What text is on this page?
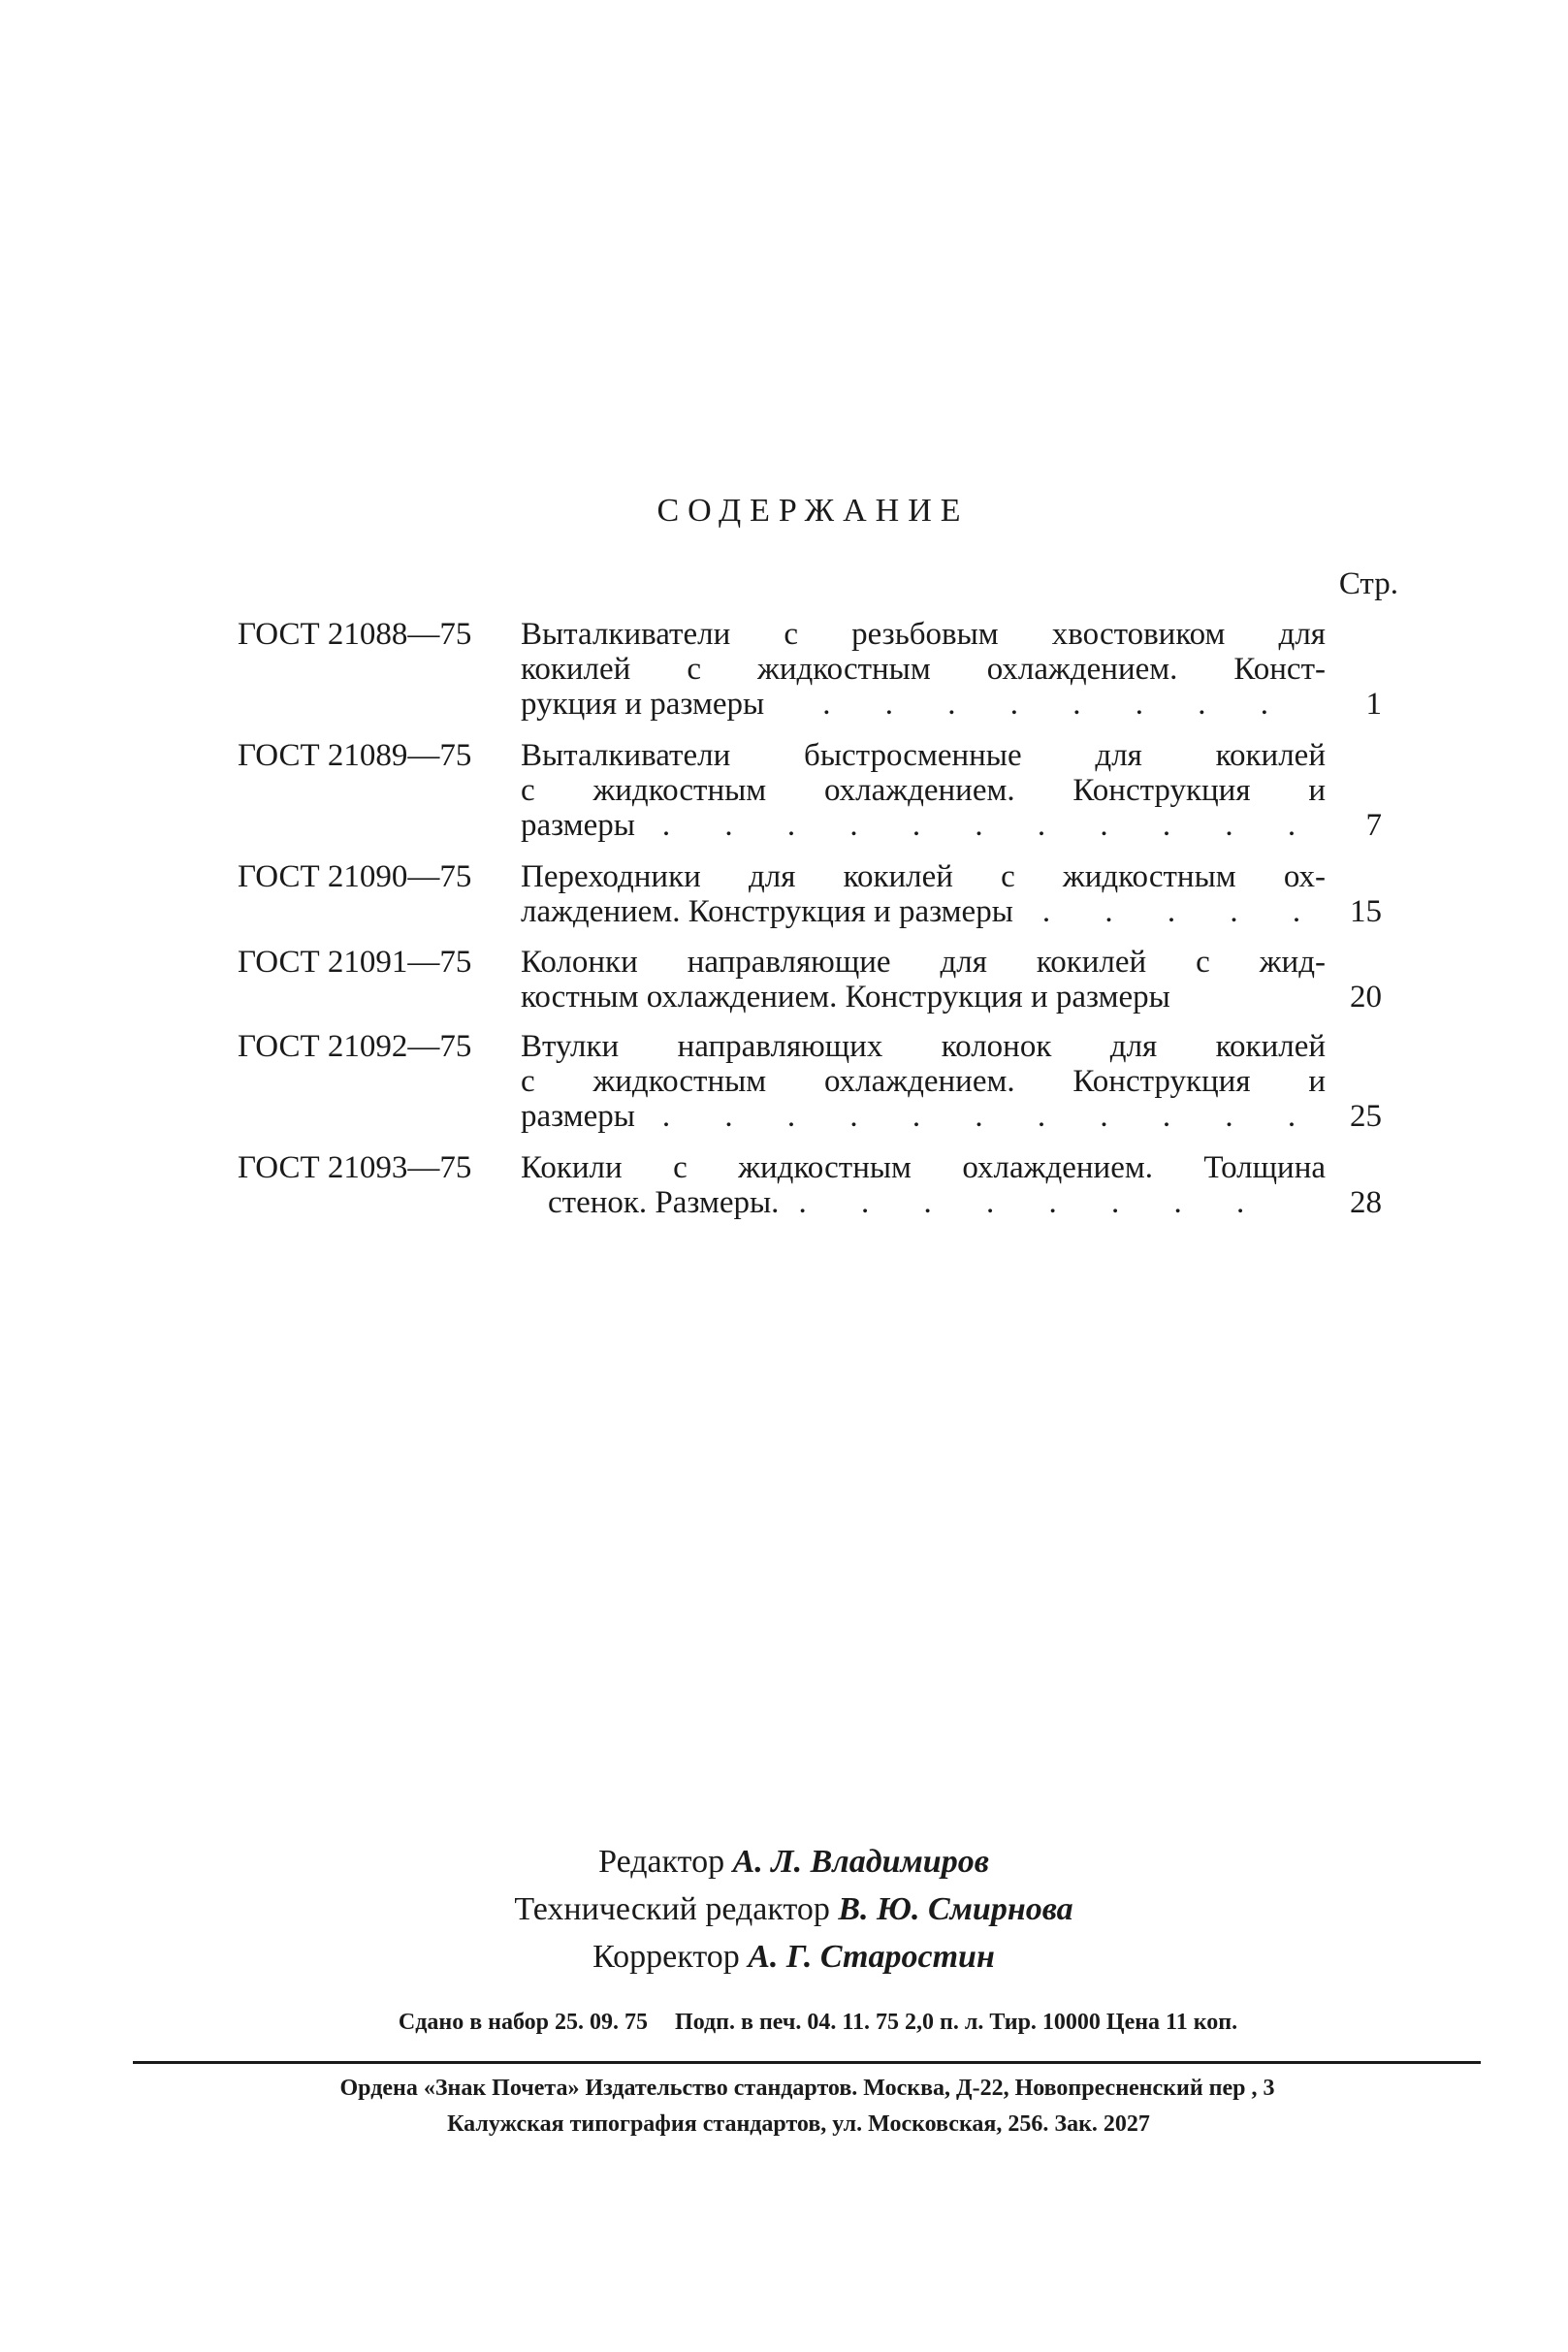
СОДЕРЖАНИЕ
Стр.
ГОСТ 21088—75 Выталкиватели с резьбовым хвостовиком для
кокилей с жидкостным охлаждением. Конст-
рукция и размеры . . . . . . . .	1
ГОСТ 21089—75 Выталкиватели быстросменные для кокилей
с жидкостным охлаждением. Конструкция и
размеры . . . . . . . . . . .	7
ГОСТ 21090—75 Переходники для кокилей с жидкостным ох-
лаждением. Конструкция и размеры . . . . . 15
ГОСТ 21091—75 Колонки направляющие для кокилей с жид-
костным охлаждением. Конструкция и размеры	20
ГОСТ 21092—75 Втулки направляющих колонок для кокилей
с жидкостным охлаждением. Конструкция и
размеры . . . . . . . . . . . 25
ГОСТ 21093—75 Кокили с жидкостным охлаждением. Толщина
стенок. Размеры. . . . . . . . .	28
Редактор А. Л. Владимиров
Технический редактор В. Ю. Смирнова
Корректор А. Г. Старостин
Сдано в набор 25. 09. 75 Подп. в печ. 04. 11. 75 2,0 п. л. Тир. 10000 Цена 11 коп.
Ордена «Знак Почета» Издательство стандартов. Москва, Д-22, Новопресненский пер , 3
Калужская типография стандартов, ул. Московская, 256. Зак. 2027
